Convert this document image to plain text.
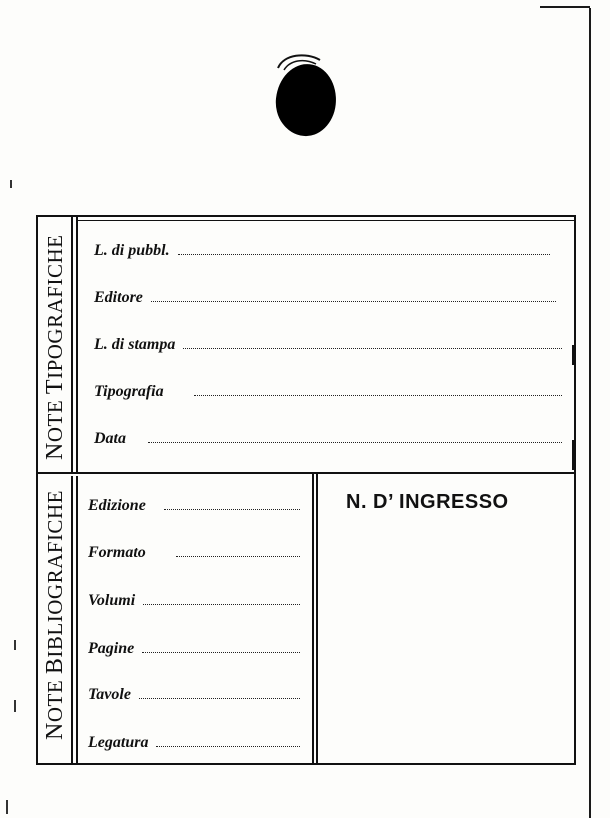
NOTE TIPOGRAFICHE
NOTE BIBLIOGRAFICHE
L. di pubbl.
Editore
L. di stampa
Tipografia
Data
Edizione
Formato
Volumi
Pagine
Tavole
Legatura
N. D’ INGRESSO
